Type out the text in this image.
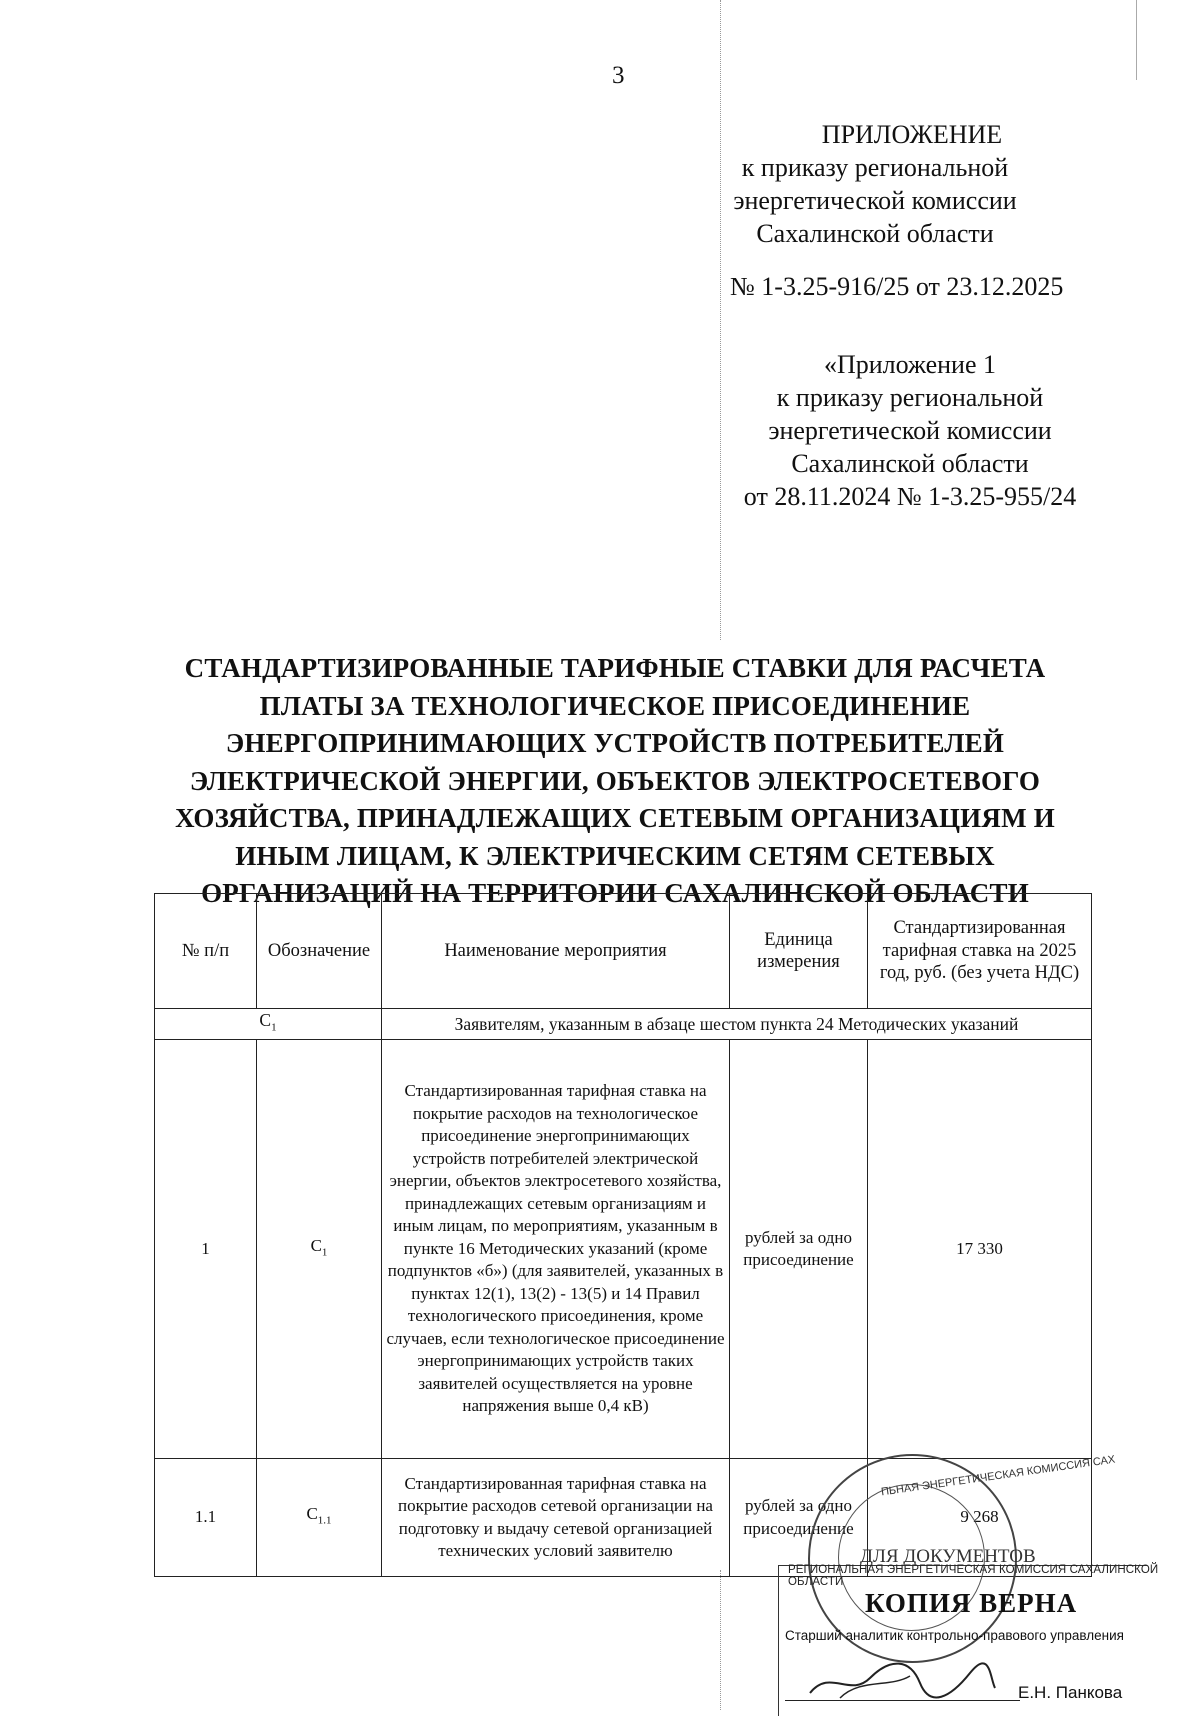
3
ПРИЛОЖЕНИЕ
к приказу региональной
энергетической комиссии
Сахалинской области
№ 1-3.25-916/25 от 23.12.2025
«Приложение 1
к приказу региональной
энергетической комиссии
Сахалинской области
от 28.11.2024 № 1-3.25-955/24
СТАНДАРТИЗИРОВАННЫЕ ТАРИФНЫЕ СТАВКИ ДЛЯ РАСЧЕТА
ПЛАТЫ ЗА ТЕХНОЛОГИЧЕСКОЕ ПРИСОЕДИНЕНИЕ
ЭНЕРГОПРИНИМАЮЩИХ УСТРОЙСТВ ПОТРЕБИТЕЛЕЙ
ЭЛЕКТРИЧЕСКОЙ ЭНЕРГИИ, ОБЪЕКТОВ ЭЛЕКТРОСЕТЕВОГО
ХОЗЯЙСТВА, ПРИНАДЛЕЖАЩИХ СЕТЕВЫМ ОРГАНИЗАЦИЯМ И
ИНЫМ ЛИЦАМ, К ЭЛЕКТРИЧЕСКИМ СЕТЯМ СЕТЕВЫХ
ОРГАНИЗАЦИЙ НА ТЕРРИТОРИИ САХАЛИНСКОЙ ОБЛАСТИ
№ п/п	Обозначение	Наименование мероприятия	Единица измерения	Стандартизированная тарифная ставка на 2025 год, руб. (без учета НДС)
$С_1$		Заявителям, указанным в абзаце шестом пункта 24 Методических указаний		
1	$С_1$	Стандартизированная тарифная ставка на покрытие расходов на технологическое присоединение энергопринимающих устройств потребителей электрической энергии, объектов электросетевого хозяйства, принадлежащих сетевым организациям и иным лицам, по мероприятиям, указанным в пункте 16 Методических указаний (кроме подпунктов «б») (для заявителей, указанных в пунктах 12(1), 13(2) - 13(5) и 14 Правил технологического присоединения, кроме случаев, если технологическое присоединение энергопринимающих устройств таких заявителей осуществляется на уровне напряжения выше 0,4 кВ)	рублей за одно присоединение	17 330
1.1	$С_{1.1}$	Стандартизированная тарифная ставка на покрытие расходов сетевой организации на подготовку и выдачу сетевой организацией технических условий заявителю	рублей за одно присоединение	9 268
ПЬНАЯ ЭНЕРГЕТИЧЕСКАЯ КОМИССИЯ САХ
ДЛЯ ДОКУМЕНТОВ
РЕГИОНАЛЬНАЯ ЭНЕРГЕТИЧЕСКАЯ КОМИССИЯ САХАЛИНСКОЙ ОБЛАСТИ
КОПИЯ ВЕРНА
Старший аналитик контрольно-правового управления
Е.Н. Панкова
